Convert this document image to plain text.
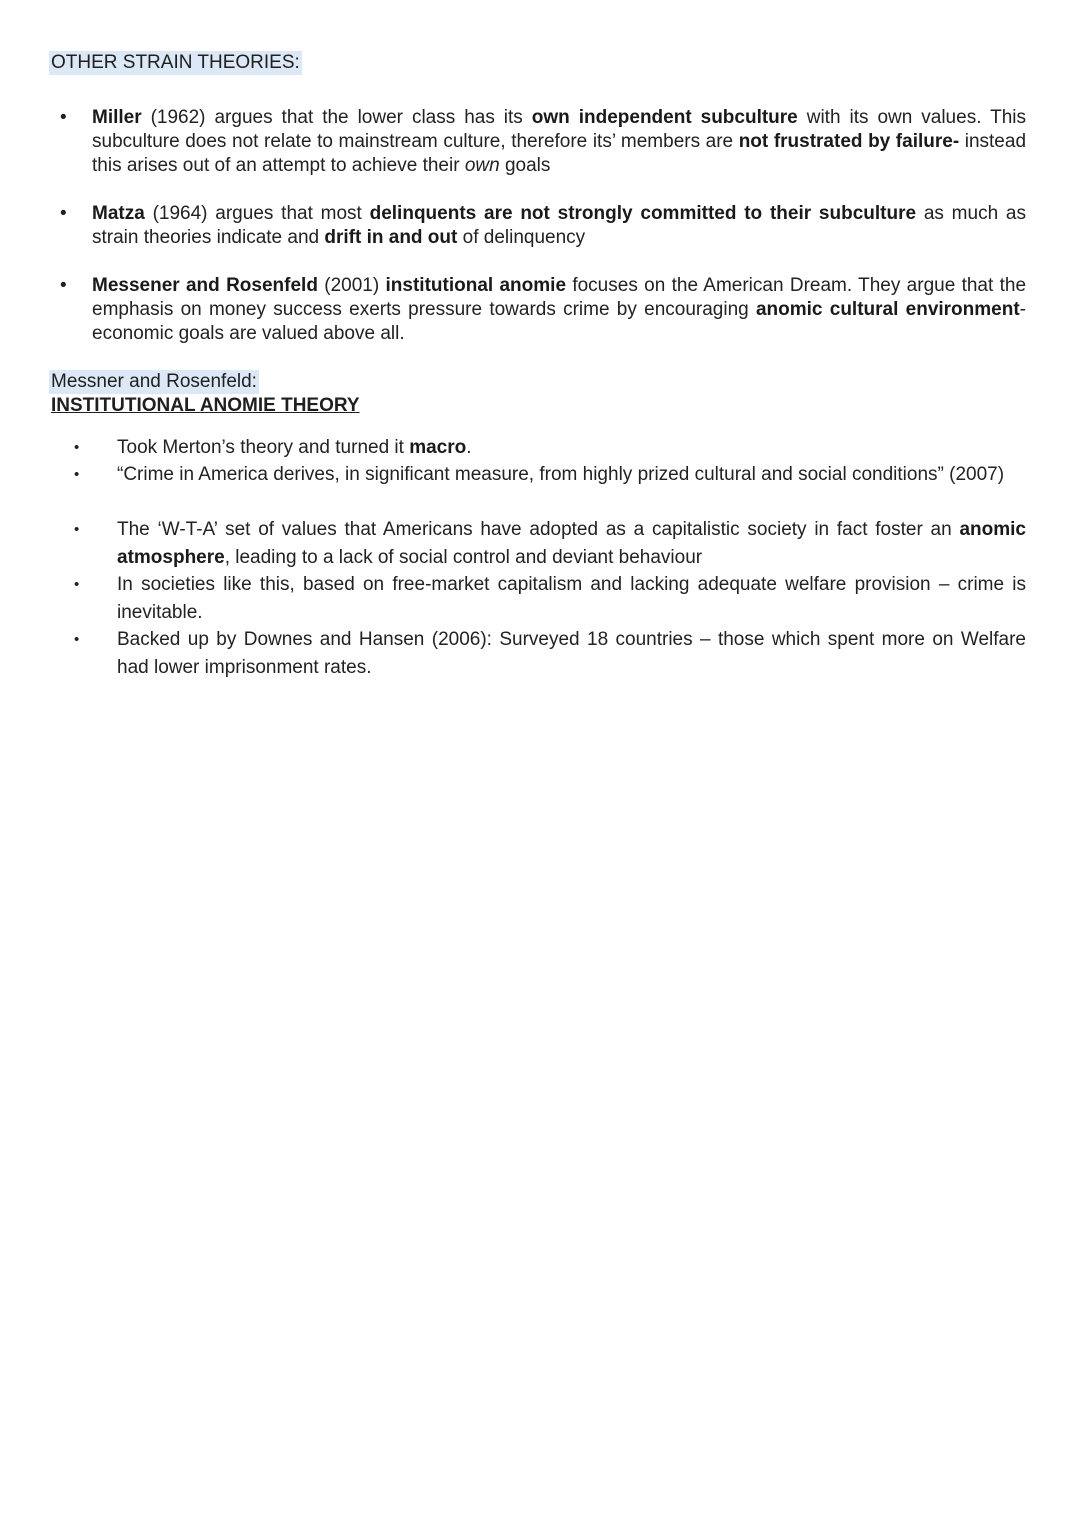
OTHER STRAIN THEORIES:
• Miller (1962) argues that the lower class has its own independent subculture with its own values. This subculture does not relate to mainstream culture, therefore its’ members are not frustrated by failure- instead this arises out of an attempt to achieve their own goals
• Matza (1964) argues that most delinquents are not strongly committed to their subculture as much as strain theories indicate and drift in and out of delinquency
• Messener and Rosenfeld (2001) institutional anomie focuses on the American Dream. They argue that the emphasis on money success exerts pressure towards crime by encouraging anomic cultural environment- economic goals are valued above all.
Messner and Rosenfeld:
INSTITUTIONAL ANOMIE THEORY
• Took Merton’s theory and turned it macro.
• “Crime in America derives, in significant measure, from highly prized cultural and social conditions” (2007)
• The ‘W-T-A’ set of values that Americans have adopted as a capitalistic society in fact foster an anomic atmosphere, leading to a lack of social control and deviant behaviour
• In societies like this, based on free-market capitalism and lacking adequate welfare provision – crime is inevitable.
• Backed up by Downes and Hansen (2006): Surveyed 18 countries – those which spent more on Welfare had lower imprisonment rates.
